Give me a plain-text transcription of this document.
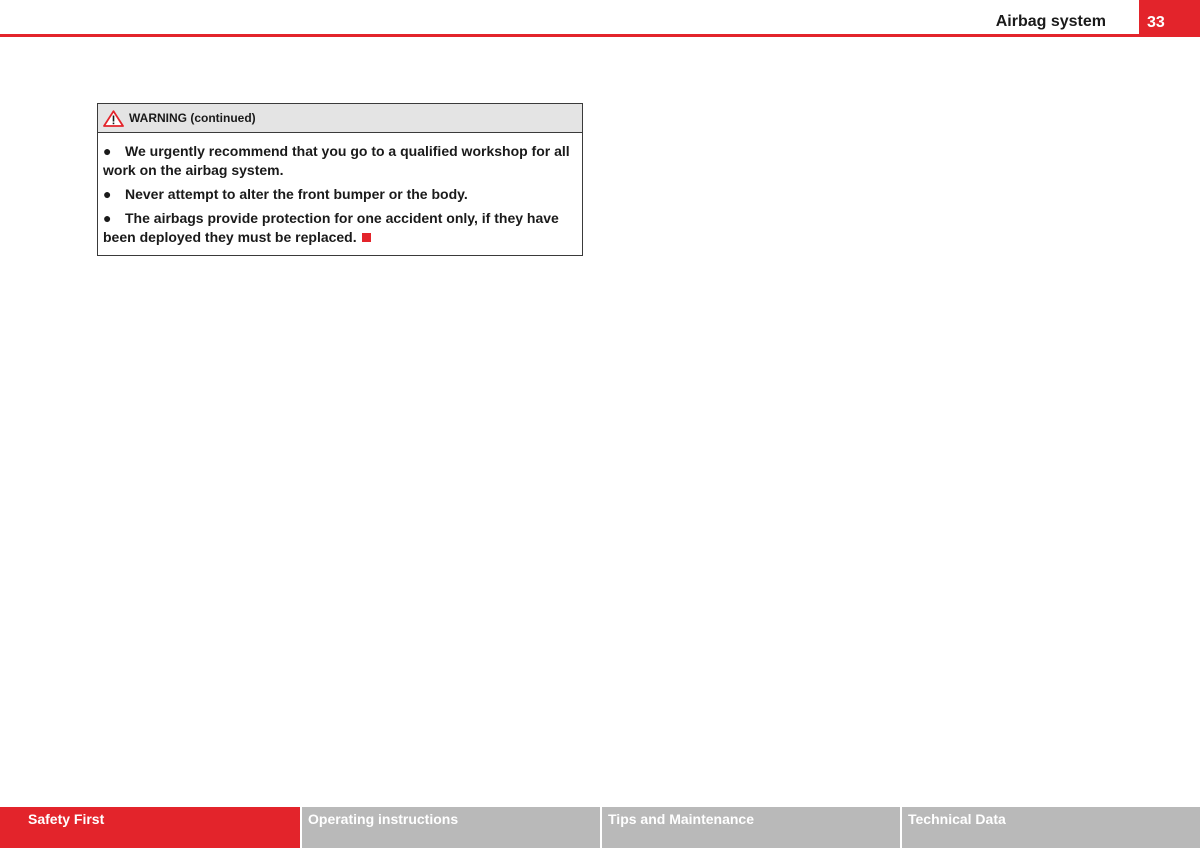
Airbag system	33
WARNING (continued)

● We urgently recommend that you go to a qualified workshop for all work on the airbag system.

● Never attempt to alter the front bumper or the body.

● The airbags provide protection for one accident only, if they have been deployed they must be replaced.

Safety First	Operating instructions	Tips and Maintenance	Technical Data
